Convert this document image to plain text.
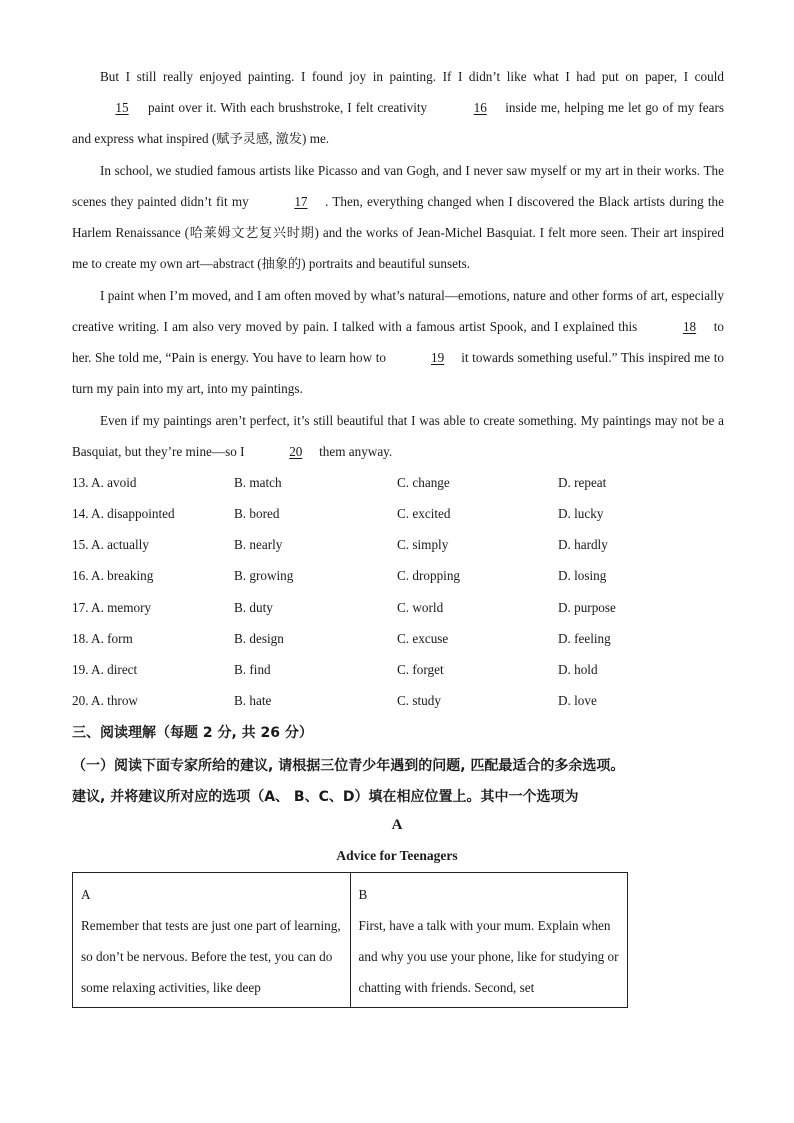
But I still really enjoyed painting. I found joy in painting. If I didn’t like what I had put on paper, I could 15 paint over it. With each brushstroke, I felt creativity	16 inside me, helping me let go of my fears and express what inspired (赋予灵感, 激发) me.
In school, we studied famous artists like Picasso and van Gogh, and I never saw myself or my art in their works. The scenes they painted didn’t fit my	17 . Then, everything changed when I discovered the Black artists during the Harlem Renaissance (哈莱姆文艺复兴时期) and the works of Jean-Michel Basquiat. I felt more seen. Their art inspired me to create my own art—abstract (抽象的) portraits and beautiful sunsets.
I paint when I’m moved, and I am often moved by what’s natural—emotions, nature and other forms of art, especially creative writing. I am also very moved by pain. I talked with a famous artist Spook, and I explained this	18 to her. She told me, “Pain is energy. You have to learn how to	19 it towards something useful.” This inspired me to turn my pain into my art, into my paintings.
Even if my paintings aren’t perfect, it’s still beautiful that I was able to create something. My paintings may not be a Basquiat, but they’re mine—so I	20 them anyway.
13. A. avoid	B. match	C. change	D. repeat
14. A. disappointed	B. bored	C. excited	D. lucky
15. A. actually	B. nearly	C. simply	D. hardly
16. A. breaking	B. growing	C. dropping	D. losing
17. A. memory	B. duty	C. world	D. purpose
18. A. form	B. design	C. excuse	D. feeling
19. A. direct	B. find	C. forget	D. hold
20. A. throw	B. hate	C. study	D. love
三、阅读理解（每题 2 分, 共 26 分）
（一）阅读下面专家所给的建议, 请根据三位青少年遇到的问题, 匹配最适合的多余选项。
建议, 并将建议所对应的选项（A、 B、C、D）填在相应位置上。其中一个选项为
A
Advice for Teenagers
A
Remember that tests are just one part of learning, so don’t be nervous. Before the test, you can do some relaxing activities, like deep	
B
First, have a talk with your mum. Explain when and why you use your phone, like for studying or chatting with friends. Second, set
